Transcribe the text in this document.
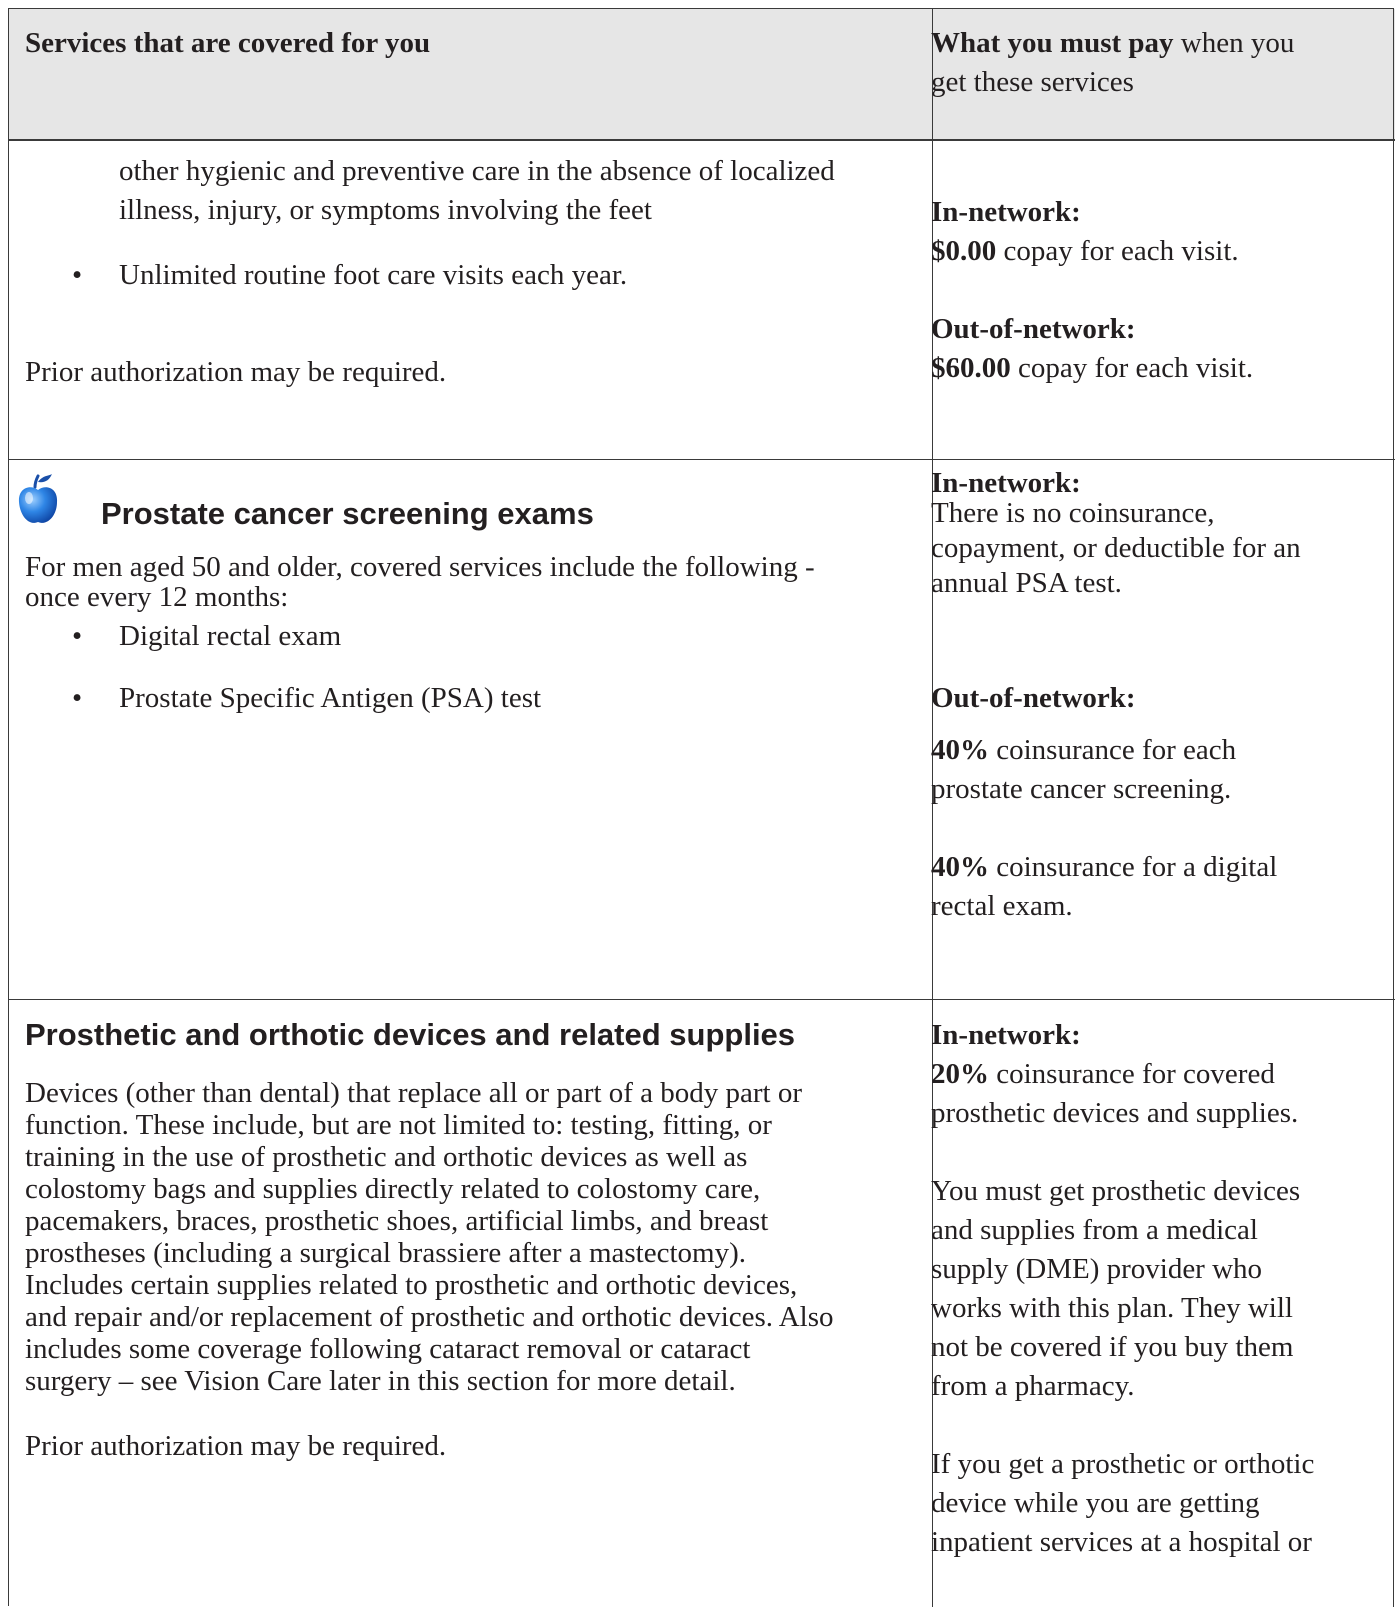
Services that are covered for you	What you must pay when you
get these services
other hygienic and preventive care in the absence of localized
illness, injury, or symptoms involving the feet
• Unlimited routine foot care visits each year.
Prior authorization may be required.
In-network:
$0.00 copay for each visit.
Out-of-network:
$60.00 copay for each visit.
Prostate cancer screening exams
For men aged 50 and older, covered services include the following -
once every 12 months:
• Digital rectal exam
• Prostate Specific Antigen (PSA) test
In-network:
There is no coinsurance,
copayment, or deductible for an
annual PSA test.
Out-of-network:
40% coinsurance for each
prostate cancer screening.
40% coinsurance for a digital
rectal exam.
Prosthetic and orthotic devices and related supplies
Devices (other than dental) that replace all or part of a body part or
function. These include, but are not limited to: testing, fitting, or
training in the use of prosthetic and orthotic devices as well as
colostomy bags and supplies directly related to colostomy care,
pacemakers, braces, prosthetic shoes, artificial limbs, and breast
prostheses (including a surgical brassiere after a mastectomy).
Includes certain supplies related to prosthetic and orthotic devices,
and repair and/or replacement of prosthetic and orthotic devices. Also
includes some coverage following cataract removal or cataract
surgery – see Vision Care later in this section for more detail.
Prior authorization may be required.
In-network:
20% coinsurance for covered
prosthetic devices and supplies.
You must get prosthetic devices
and supplies from a medical
supply (DME) provider who
works with this plan. They will
not be covered if you buy them
from a pharmacy.
If you get a prosthetic or orthotic
device while you are getting
inpatient services at a hospital or
